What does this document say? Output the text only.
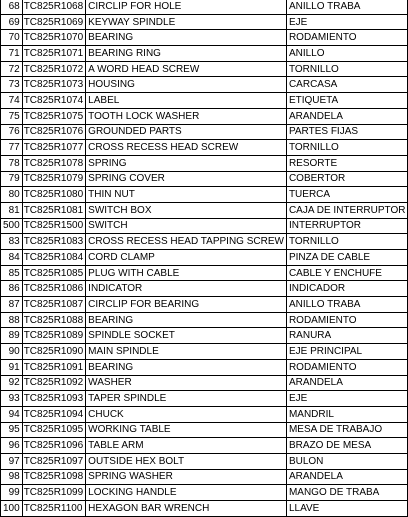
68	TC825R1068	CIRCLIP FOR HOLE	ANILLO TRABA
69	TC825R1069	KEYWAY SPINDLE	EJE
70	TC825R1070	BEARING	RODAMIENTO
71	TC825R1071	BEARING RING	ANILLO
72	TC825R1072	A WORD HEAD SCREW	TORNILLO
73	TC825R1073	HOUSING	CARCASA
74	TC825R1074	LABEL	ETIQUETA
75	TC825R1075	TOOTH LOCK WASHER	ARANDELA
76	TC825R1076	GROUNDED PARTS	PARTES FIJAS
77	TC825R1077	CROSS RECESS HEAD SCREW	TORNILLO
78	TC825R1078	SPRING	RESORTE
79	TC825R1079	SPRING COVER	COBERTOR
80	TC825R1080	THIN NUT	TUERCA
81	TC825R1081	SWITCH BOX	CAJA DE INTERRUPTOR
500	TC825R1500	SWITCH	INTERRUPTOR
83	TC825R1083	CROSS RECESS HEAD TAPPING SCREW	TORNILLO
84	TC825R1084	CORD CLAMP	PINZA DE CABLE
85	TC825R1085	PLUG WITH CABLE	CABLE Y ENCHUFE
86	TC825R1086	INDICATOR	INDICADOR
87	TC825R1087	CIRCLIP FOR BEARING	ANILLO TRABA
88	TC825R1088	BEARING	RODAMIENTO
89	TC825R1089	SPINDLE SOCKET	RANURA
90	TC825R1090	MAIN SPINDLE	EJE PRINCIPAL
91	TC825R1091	BEARING	RODAMIENTO
92	TC825R1092	WASHER	ARANDELA
93	TC825R1093	TAPER SPINDLE	EJE
94	TC825R1094	CHUCK	MANDRIL
95	TC825R1095	WORKING TABLE	MESA DE TRABAJO
96	TC825R1096	TABLE ARM	BRAZO DE MESA
97	TC825R1097	OUTSIDE HEX BOLT	BULON
98	TC825R1098	SPRING WASHER	ARANDELA
99	TC825R1099	LOCKING HANDLE	MANGO DE TRABA
100	TC825R1100	HEXAGON BAR WRENCH	LLAVE
